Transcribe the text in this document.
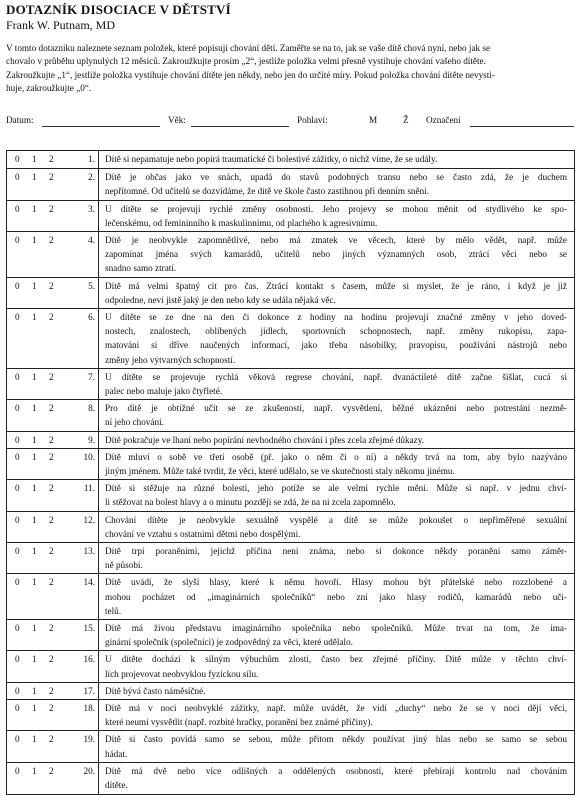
DOTAZNÍK DISOCIACE V DĚTSTVÍ
Frank W. Putnam, MD
V tomto dotazníku naleznete seznam položek, které popisují chování dětí. Zaměřte se na to, jak se vaše dítě chová nyní, nebo jak se
chovalo v průběhu uplynulých 12 měsíců. Zakroužkujte prosím „2“, jestliže položka velmi přesně vystihuje chování vašeho dítěte.
Zakroužkujte „1“, jestliže položka vystihuje chování dítěte jen někdy, nebo jen do určité míry. Pokud položka chování dítěte nevysti-
huje, zakroužkujte „0“.
Datum:	Věk:	Pohlaví:	M	Ž Označení
0 1 2	1. Dítě si nepamatuje nebo popírá traumatické či bolestivé zážitky, o nichž víme, že se udály.
0 1 2	2. Dítě je občas jako ve snách, upadá do stavů podobných transu nebo se často zdá, že je duchem
nepřítomné. Od učitelů se dozvídáme, že dítě ve škole často zastihnou při denním snění.
0 1 2	3. U dítěte se projevují rychlé změny osobnosti. Jeho projevy se mohou měnit od stydlivého ke spo-
lečenskému, od femininního k maskulinnímu, od plachého k agresivnímu.
0 1 2	4. Dítě je neobvykle zapomnětlivé, nebo má zmatek ve věcech, které by mělo vědět, např. může
zapomínat jména svých kamarádů, učitelů nebo jiných významných osob, ztrácí věci nebo se
snadno samo ztratí.
0 1 2	5. Dítě má velmi špatný cit pro čas. Ztrácí kontakt s časem, může si myslet, že je ráno, i když je již
odpoledne, neví jistě jaký je den nebo kdy se udála nějaká věc.
0 1 2	6. U dítěte se ze dne na den či dokonce z hodiny na hodinu projevují značné změny v jeho doved-
nostech, znalostech, oblíbených jídlech, sportovních schopnostech, např. změny rukopisu, zapa-
matování si dříve naučených informací, jako třeba násobilky, pravopisu, používání nástrojů nebo
změny jeho výtvarných schopností.
0 1 2	7. U dítěte se projevuje rychlá věková regrese chování, např. dvanáctileté dítě začne šišlat, cucá si
palec nebo maluje jako čtyřleté.
0 1 2	8. Pro dítě je obtížné učit se ze zkušeností, např. vysvětlení, běžné ukáznění nebo potrestání nezmě-
ní jeho chování.
0 1 2	9. Dítě pokračuje ve lhaní nebo popírání nevhodného chování i přes zcela zřejmé důkazy.
0 1 2	10. Dítě mluví o sobě ve třetí osobě (př. jako o něm či o ní) a někdy trvá na tom, aby bylo nazýváno
jiným jménem. Může také tvrdit, že věci, které udělalo, se ve skutečnosti staly někomu jinému.
0 1 2	11. Dítě si stěžuje na různé bolesti, jeho potíže se ale velmi rychle mění. Může si např. v jednu chví-
li stěžovat na bolest hlavy a o minutu později se zdá, že na ni zcela zapomnělo.
0 1 2	12. Chování dítěte je neobvykle sexuálně vyspělé a dítě se může pokoušet o nepřiměřené sexuální
chování ve vztahu s ostatními dětmi nebo dospělými.
0 1 2	13. Dítě trpí poraněními, jejichž příčina není známa, nebo si dokonce někdy poranění samo záměr-
ně působí.
0 1 2	14. Dítě uvádí, že slyší hlasy, které k němu hovoří. Hlasy mohou být přátelské nebo rozzlobené a
mohou pocházet od „imaginárních společníků“ nebo zní jako hlasy rodičů, kamarádů nebo uči-
telů.
0 1 2	15. Dítě má živou představu imaginárního společníka nebo společníků. Může trvat na tom, že ima-
ginární společník (společníci) je zodpovědný za věci, které udělalo.
0 1 2	16. U dítěte dochází k silným výbuchům zlosti, často bez zřejmé příčiny. Dítě může v těchto chví-
lích projevovat neobvyklou fyzickou sílu.
0 1 2	17. Dítě bývá často náměsíčné.
0 1 2	18. Dítě má v noci neobvyklé zážitky, např. může uvádět, že vidí „duchy“ nebo že se v noci dějí věci,
které neumí vysvětlit (např. rozbité hračky, poranění bez známé příčiny).
0 1 2	19. Dítě si často povídá samo se sebou, může přitom někdy používat jiný hlas nebo se samo se sebou
hádat.
0 1 2	20. Dítě má dvě nebo více odlišných a oddělených osobností, které přebírají kontrolu nad chováním
dítěte.
